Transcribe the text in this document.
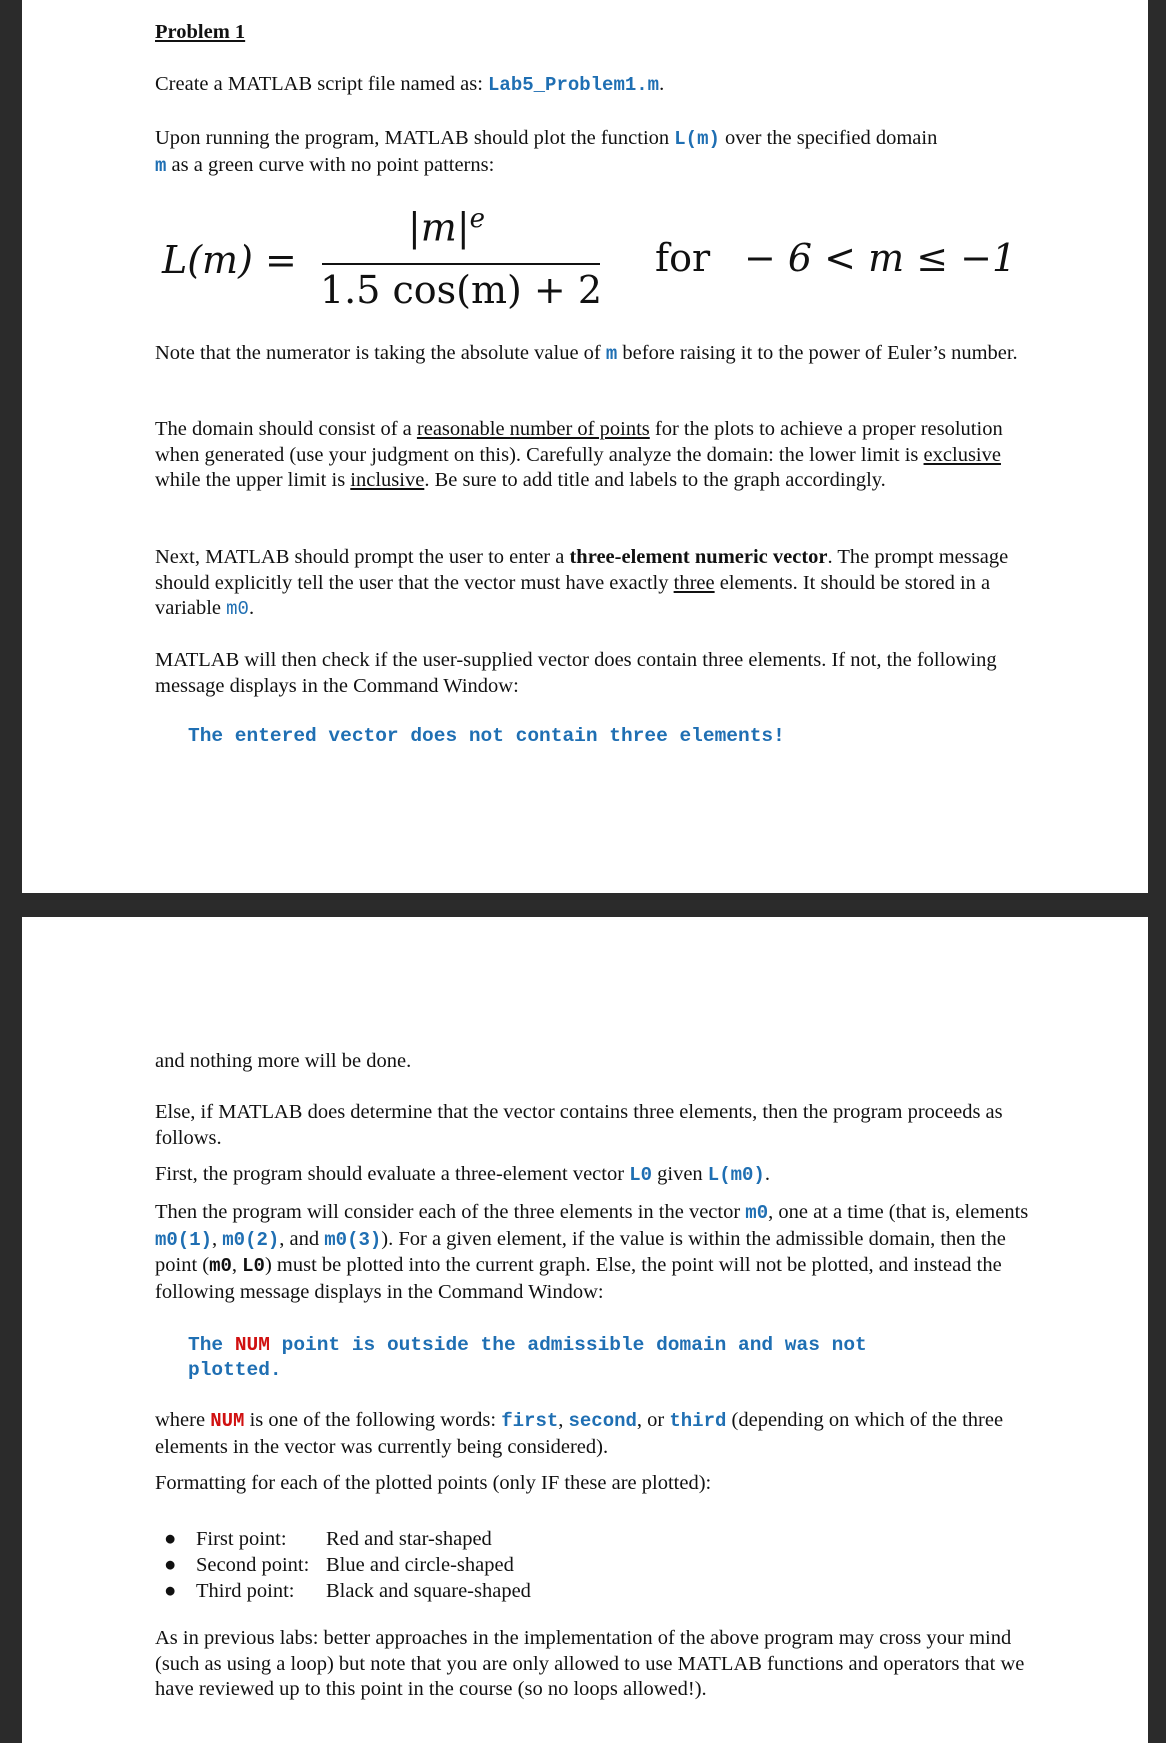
Problem 1

Create a MATLAB script file named as: Lab5_Problem1.m.

Upon running the program, MATLAB should plot the function L(m) over the specified domain
m as a green curve with no point patterns:

L(m) =
$|m|^e$
1.5 cos(m) + 2
for − 6 < m ≤ −1

Note that the numerator is taking the absolute value of m before raising it to the power of Euler’s number.

The domain should consist of a reasonable number of points for the plots to achieve a proper resolution when generated (use your judgment on this). Carefully analyze the domain: the lower limit is exclusive while the upper limit is inclusive. Be sure to add title and labels to the graph accordingly.

Next, MATLAB should prompt the user to enter a three-element numeric vector. The prompt message should explicitly tell the user that the vector must have exactly three elements. It should be stored in a variable m0.

MATLAB will then check if the user-supplied vector does contain three elements. If not, the following message displays in the Command Window:

The entered vector does not contain three elements!

and nothing more will be done.

Else, if MATLAB does determine that the vector contains three elements, then the program proceeds as follows.

First, the program should evaluate a three-element vector L0 given L(m0).

Then the program will consider each of the three elements in the vector m0, one at a time (that is, elements m0(1), m0(2), and m0(3)). For a given element, if the value is within the admissible domain, then the point (m0, L0) must be plotted into the current graph. Else, the point will not be plotted, and instead the following message displays in the Command Window:

The NUM point is outside the admissible domain and was not plotted.

where NUM is one of the following words: first, second, or third (depending on which of the three elements in the vector was currently being considered).

Formatting for each of the plotted points (only IF these are plotted):

● First point:	Red and star-shaped
● Second point: Blue and circle-shaped
● Third point:	Black and square-shaped

As in previous labs: better approaches in the implementation of the above program may cross your mind (such as using a loop) but note that you are only allowed to use MATLAB functions and operators that we have reviewed up to this point in the course (so no loops allowed!).
